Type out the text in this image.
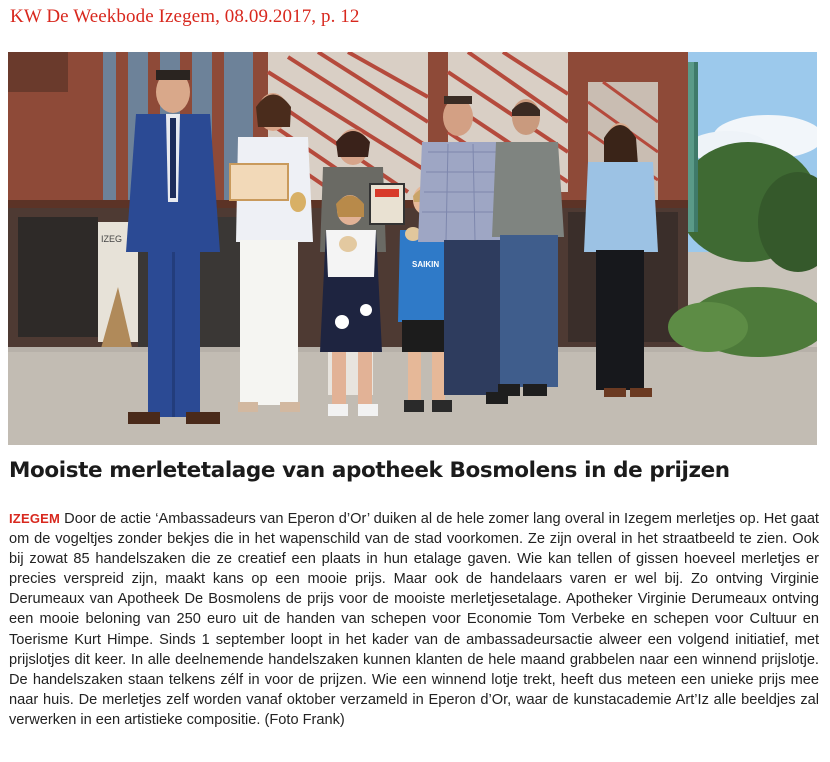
KW De Weekbode Izegem, 08.09.2017, p. 12
IZEG
SAIKIN
Mooiste merletetalage van apotheek Bosmolens in de prijzen
IZEGEM Door de actie ‘Ambassadeurs van Eperon d’Or’ duiken al de hele zomer lang overal in Izegem merletjes op. Het gaat om de vogeltjes zonder bekjes die in het wapenschild van de stad voorkomen. Ze zijn overal in het straatbeeld te zien. Ook bij zowat 85 handelszaken die ze creatief een plaats in hun etalage gaven. Wie kan tellen of gissen hoeveel merletjes er precies verspreid zijn, maakt kans op een mooie prijs. Maar ook de handelaars varen er wel bij. Zo ontving Virginie Derumeaux van Apotheek De Bosmolens de prijs voor de mooiste merletjesetalage. Apotheker Virginie Derumeaux ontving een mooie beloning van 250 euro uit de handen van schepen voor Economie Tom Verbeke en schepen voor Cultuur en Toerisme Kurt Himpe. Sinds 1 september loopt in het kader van de ambassadeursactie alweer een volgend initiatief, met prijslotjes dit keer. In alle deelnemende handelszaken kunnen klanten de hele maand grabbelen naar een winnend prijslotje. De handelszaken staan telkens zélf in voor de prijzen. Wie een winnend lotje trekt, heeft dus meteen een unieke prijs mee naar huis. De merletjes zelf worden vanaf oktober verzameld in Eperon d’Or, waar de kunstacademie Art’Iz alle beeldjes zal verwerken in een artistieke compositie. (Foto Frank)
